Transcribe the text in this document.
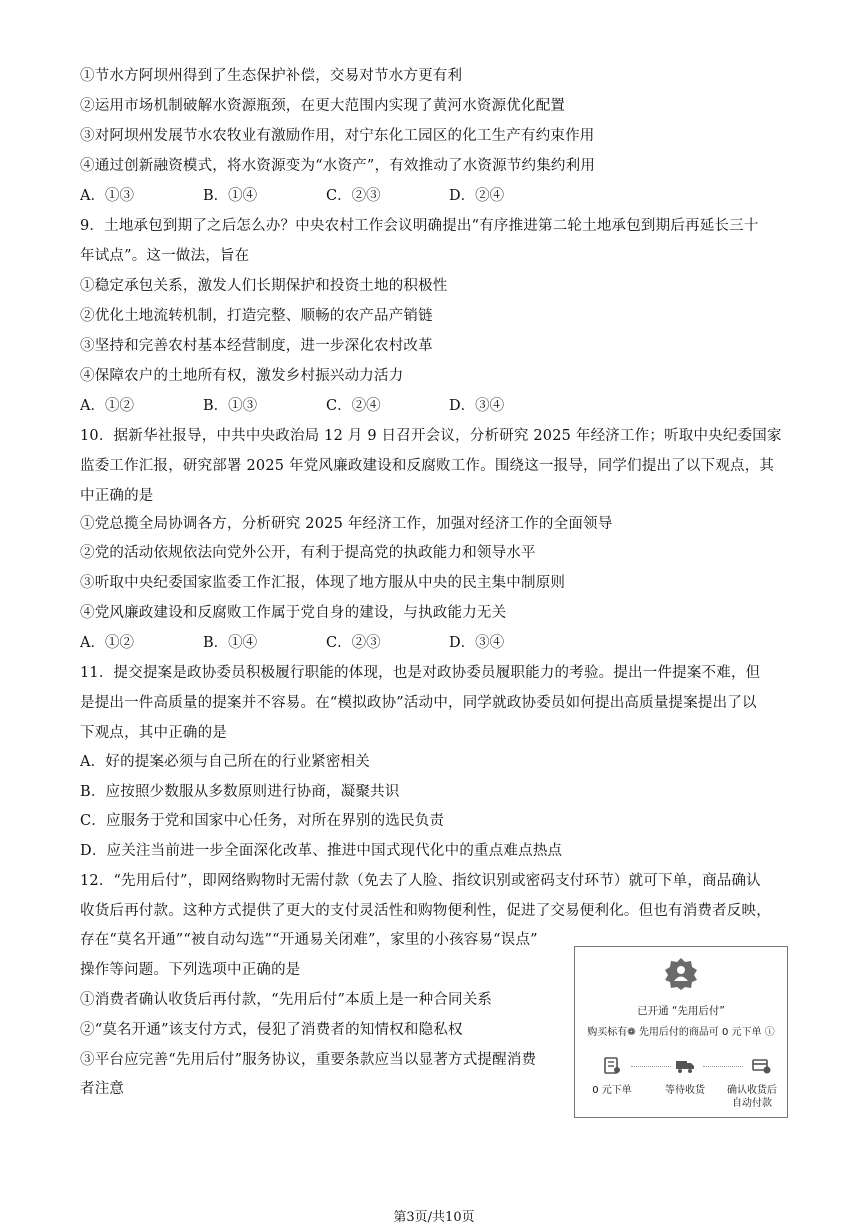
①节水方阿坝州得到了生态保护补偿，交易对节水方更有利
②运用市场机制破解水资源瓶颈，在更大范围内实现了黄河水资源优化配置
③对阿坝州发展节水农牧业有激励作用，对宁东化工园区的化工生产有约束作用
④通过创新融资模式，将水资源变为“水资产”，有效推动了水资源节约集约利用
A．①③	B．①④	C．②③	D．②④
9．土地承包到期了之后怎么办？中央农村工作会议明确提出“有序推进第二轮土地承包到期后再延长三十
年试点”。这一做法，旨在
①稳定承包关系，激发人们长期保护和投资土地的积极性
②优化土地流转机制，打造完整、顺畅的农产品产销链
③坚持和完善农村基本经营制度，进一步深化农村改革
④保障农户的土地所有权，激发乡村振兴动力活力
A．①②	B．①③	C．②④	D．③④
10．据新华社报导，中共中央政治局 12 月 9 日召开会议，分析研究 2025 年经济工作；听取中央纪委国家
监委工作汇报，研究部署 2025 年党风廉政建设和反腐败工作。围绕这一报导，同学们提出了以下观点，其
中正确的是
①党总揽全局协调各方，分析研究 2025 年经济工作，加强对经济工作的全面领导
②党的活动依规依法向党外公开，有利于提高党的执政能力和领导水平
③听取中央纪委国家监委工作汇报，体现了地方服从中央的民主集中制原则
④党风廉政建设和反腐败工作属于党自身的建设，与执政能力无关
A．①②	B．①④	C．②③	D．③④
11．提交提案是政协委员积极履行职能的体现，也是对政协委员履职能力的考验。提出一件提案不难，但
是提出一件高质量的提案并不容易。在“模拟政协”活动中，同学就政协委员如何提出高质量提案提出了以
下观点，其中正确的是
A．好的提案必须与自己所在的行业紧密相关
B．应按照少数服从多数原则进行协商，凝聚共识
C．应服务于党和国家中心任务，对所在界别的选民负责
D．应关注当前进一步全面深化改革、推进中国式现代化中的重点难点热点
12．“先用后付”，即网络购物时无需付款（免去了人脸、指纹识别或密码支付环节）就可下单，商品确认
收货后再付款。这种方式提供了更大的支付灵活性和购物便利性，促进了交易便利化。但也有消费者反映，
存在“莫名开通”“被自动勾选”“开通易关闭难”，家里的小孩容易“误点”
操作等问题。下列选项中正确的是
①消费者确认收货后再付款，“先用后付”本质上是一种合同关系
②“莫名开通”该支付方式，侵犯了消费者的知情权和隐私权
③平台应完善“先用后付”服务协议，重要条款应当以显著方式提醒消费
者注意
已开通 “先用后付”
购买标有❁ 先用后付的商品可 0 元下单 ⓘ
0 元下单	等待收货	确认收货后
自动付款
第3页/共10页
